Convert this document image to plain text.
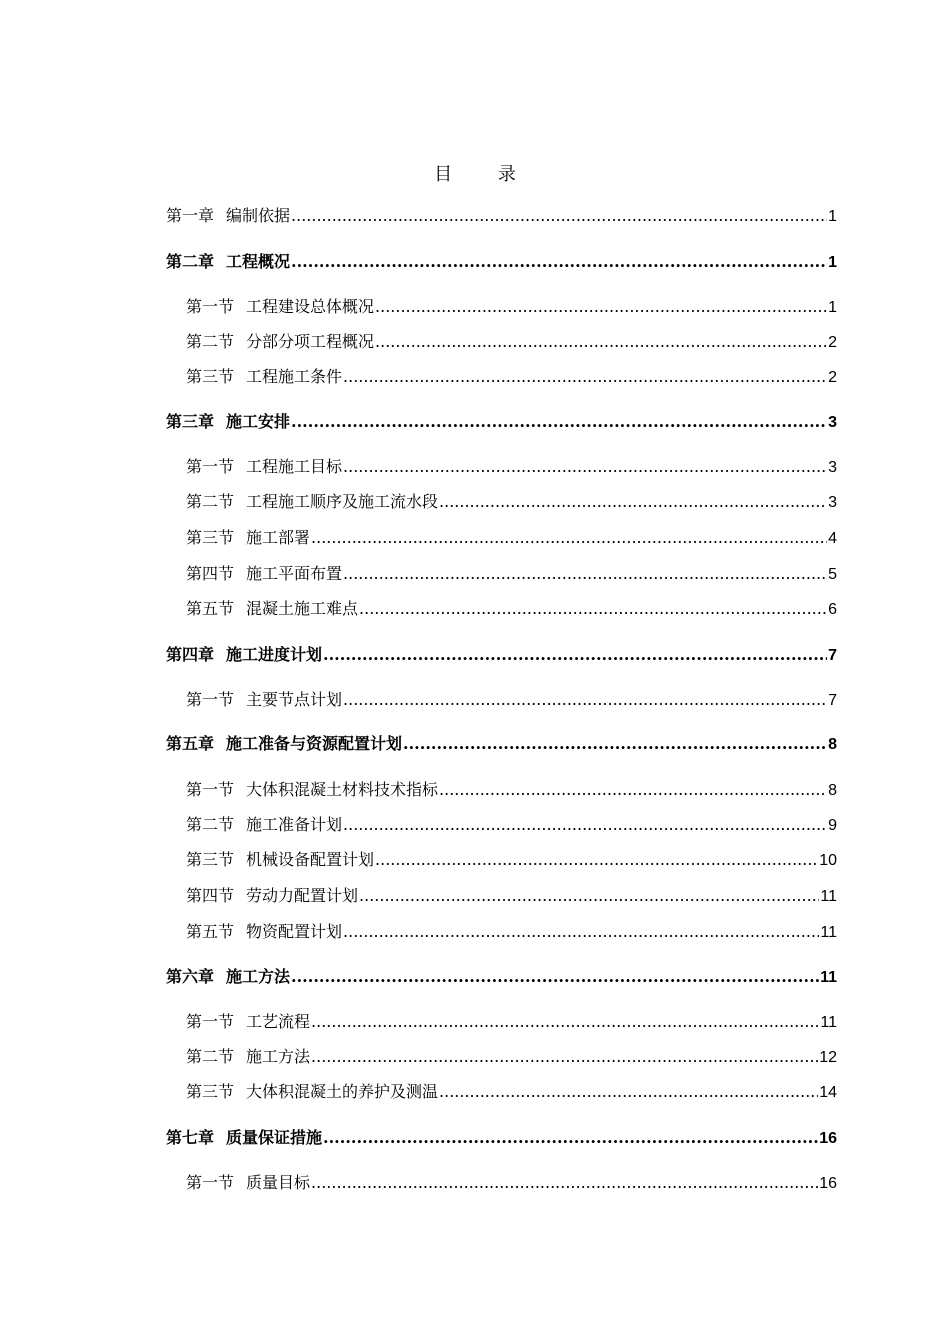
目 录
第一章 编制依据 .....	1
第二章 工程概况 .....	1
第一节 工程建设总体概况 .....	1
第二节 分部分项工程概况 .....	2
第三节 工程施工条件 .....	2
第三章 施工安排 .....	3
第一节 工程施工目标 .....	3
第二节 工程施工顺序及施工流水段 .....	3
第三节 施工部署 .....	4
第四节 施工平面布置 .....	5
第五节 混凝土施工难点 .....	6
第四章 施工进度计划 .....	7
第一节 主要节点计划 .....	7
第五章 施工准备与资源配置计划 .....	8
第一节 大体积混凝土材料技术指标 .....	8
第二节 施工准备计划 .....	9
第三节 机械设备配置计划 .....	10
第四节 劳动力配置计划 .....	11
第五节 物资配置计划 .....	11
第六章 施工方法 .....	11
第一节 工艺流程 .....	11
第二节 施工方法 .....	12
第三节 大体积混凝土的养护及测温 .....	14
第七章 质量保证措施 .....	16
第一节 质量目标 .....	16
